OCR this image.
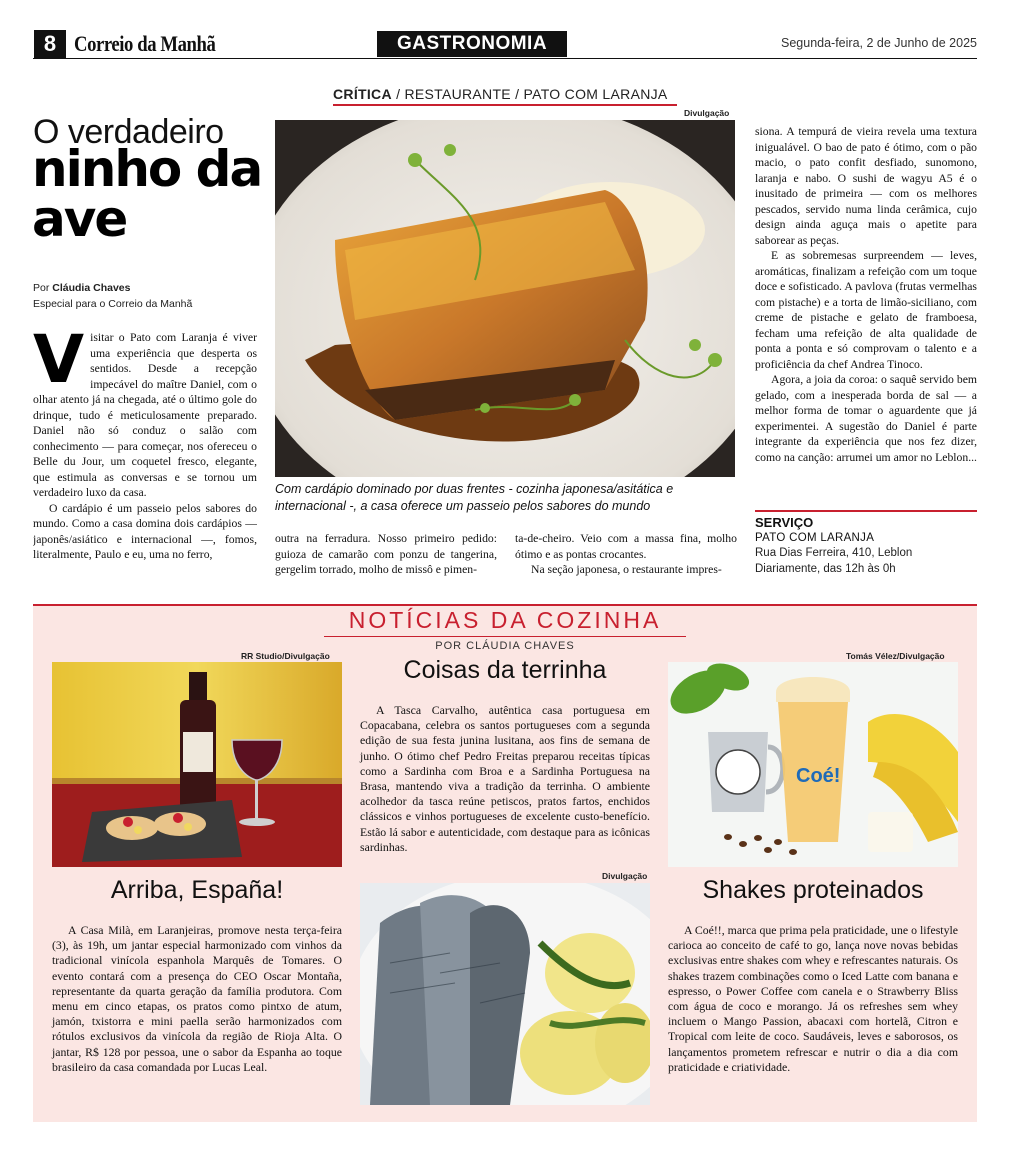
8 Correio da Manhã	GASTRONOMIA	Segunda-feira, 2 de Junho de 2025
CRÍTICA / RESTAURANTE / PATO COM LARANJA
O verdadeiro
ninho da ave
Por Cláudia Chaves
Especial para o Correio da Manhã
V isitar o Pato com Laranja é viver uma experiência que desperta os sentidos. Desde a recepção impecável do maître Daniel, com o olhar atento já na chegada, até o último gole do drinque, tudo é meticulosamente preparado. Daniel não só conduz o salão com conhecimento — para começar, nos ofereceu o Belle du Jour, um coquetel fresco, elegante, que estimula as conversas e se tornou um verdadeiro luxo da casa.

O cardápio é um passeio pelos sabores do mundo. Como a casa domina dois cardápios — japonês/asiático e internacional —, fomos, literalmente, Paulo e eu, uma no ferro,

Divulgação
Com cardápio dominado por duas frentes - cozinha japonesa/asitática e internacional -, a casa oferece um passeio pelos sabores do mundo

outra na ferradura. Nosso primeiro pedido: guioza de camarão com ponzu de tangerina, gergelim torrado, molho de missô e pimen-

ta-de-cheiro. Veio com a massa fina, molho ótimo e as pontas crocantes.

Na seção japonesa, o restaurante impres-

siona. A tempurá de vieira revela uma textura inigualável. O bao de pato é ótimo, com o pão macio, o pato confit desfiado, sunomono, laranja e nabo. O sushi de wagyu A5 é o inusitado de primeira — com os melhores pescados, servido numa linda cerâmica, cujo design ainda aguça mais o apetite para saborear as peças.

E as sobremesas surpreendem — leves, aromáticas, finalizam a refeição com um toque doce e sofisticado. A pavlova (frutas vermelhas com pistache) e a torta de limão-siciliano, com creme de pistache e gelato de framboesa, fecham uma refeição de alta qualidade de ponta a ponta e só comprovam o talento e a proficiência da chef Andrea Tinoco.

Agora, a joia da coroa: o saquê servido bem gelado, com a inesperada borda de sal — a melhor forma de tomar o aguardente que já experimentei. A sugestão do Daniel é parte integrante da experiência que nos fez dizer, como na canção: arrumei um amor no Leblon...

SERVIÇO
PATO COM LARANJA
Rua Dias Ferreira, 410, Leblon
Diariamente, das 12h às 0h
NOTÍCIAS DA COZINHA
POR CLÁUDIA CHAVES
RR Studio/Divulgação
Arriba, España!

A Casa Milà, em Laranjeiras, promove nesta terça-feira (3), às 19h, um jantar especial harmonizado com vinhos da tradicional vinícola espanhola Marquês de Tomares. O evento contará com a presença do CEO Oscar Montaña, representante da quarta geração da família produtora. Com menu em cinco etapas, os pratos como pintxo de atum, jamón, txistorra e mini paella serão harmonizados com rótulos exclusivos da vinícola da região de Rioja Alta. O jantar, R$ 128 por pessoa, une o sabor da Espanha ao toque brasileiro da casa comandada por Lucas Leal.

Coisas da terrinha

A Tasca Carvalho, autêntica casa portuguesa em Copacabana, celebra os santos portugueses com a segunda edição de sua festa junina lusitana, aos fins de semana de junho. O ótimo chef Pedro Freitas preparou receitas típicas como a Sardinha com Broa e a Sardinha Portuguesa na Brasa, mantendo viva a tradição da terrinha. O ambiente acolhedor da tasca reúne petiscos, pratos fartos, enchidos clássicos e vinhos portugueses de excelente custo-benefício. Estão lá sabor e autenticidade, com destaque para as icônicas sardinhas.

Divulgação
Tomás Vélez/Divulgação
Coé!
Shakes proteinados

A Coé!!, marca que prima pela praticidade, une o lifestyle carioca ao conceito de café to go, lança nove novas bebidas exclusivas entre shakes com whey e refrescantes naturais. Os shakes trazem combinações como o Iced Latte com banana e espresso, o Power Coffee com canela e o Strawberry Bliss com água de coco e morango. Já os refreshes sem whey incluem o Mango Passion, abacaxi com hortelã, Citron e Tropical com leite de coco. Saudáveis, leves e saborosos, os lançamentos prometem refrescar e nutrir o dia a dia com praticidade e criatividade.
